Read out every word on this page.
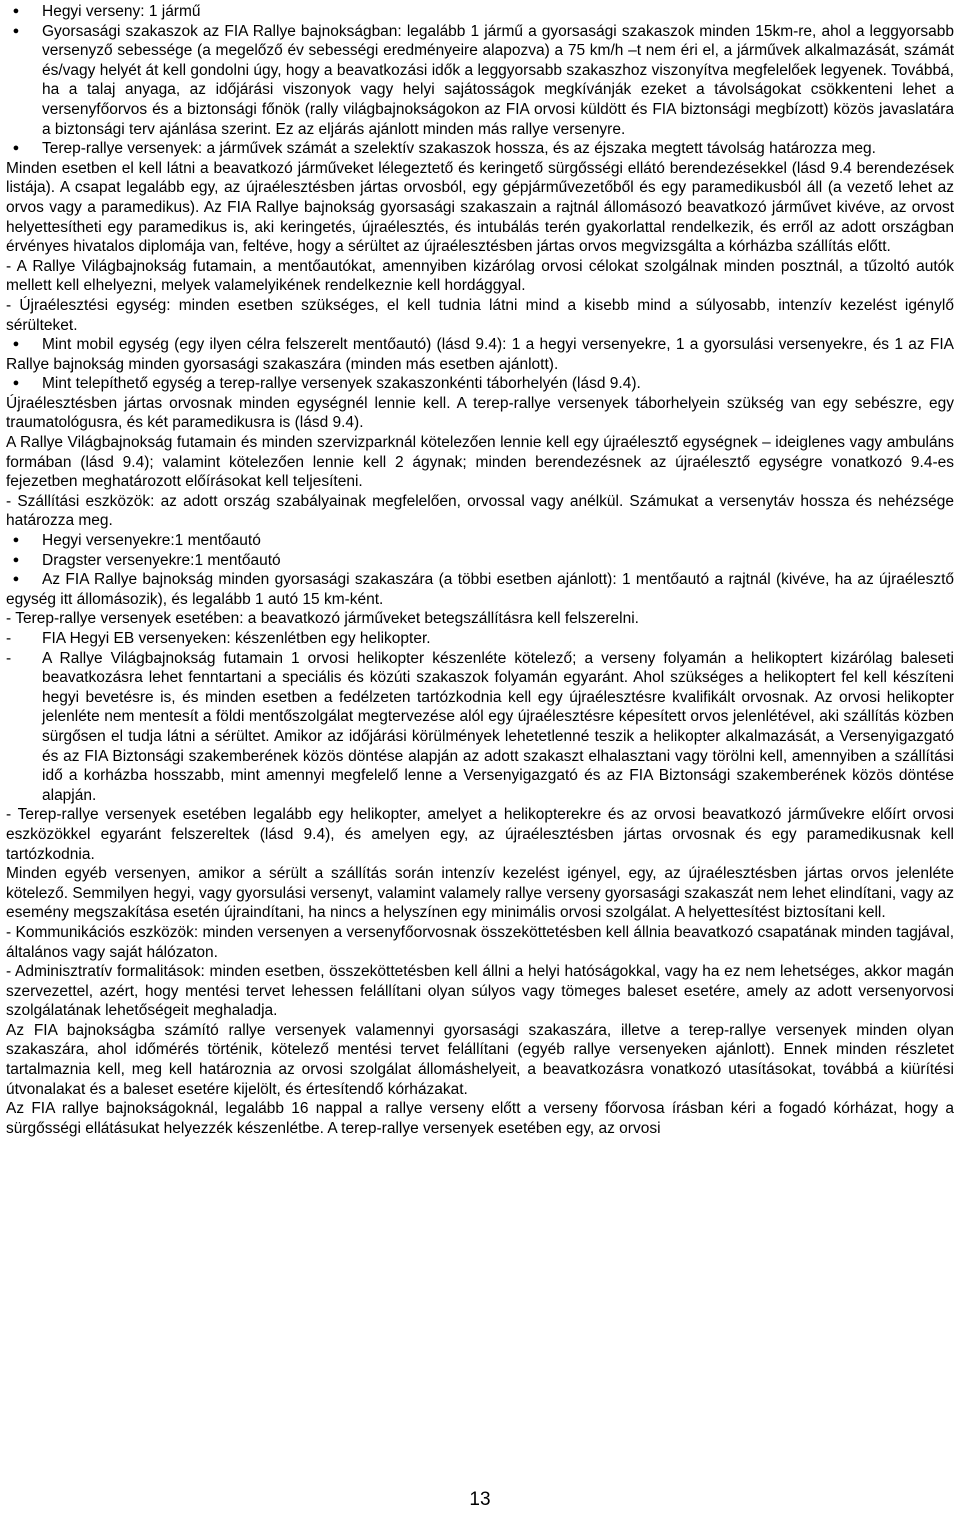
●	Hegyi verseny: 1 jármű

●	Gyorsasági szakaszok az FIA Rallye bajnokságban: legalább 1 jármű a gyorsasági szakaszok minden 15km-re, ahol a leggyorsabb versenyző sebessége (a megelőző év sebességi eredményeire alapozva) a 75 km/h –t nem éri el, a járművek alkalmazását, számát és/vagy helyét át kell gondolni úgy, hogy a beavatkozási idők a leggyorsabb szakaszhoz viszonyítva megfelelőek legyenek. Továbbá, ha a talaj anyaga, az időjárási viszonyok vagy helyi sajátosságok megkívánják ezeket a távolságokat csökkenteni lehet a versenyfőorvos és a biztonsági főnök (rally világbajnokságokon az FIA orvosi küldött és FIA biztonsági megbízott) közös javaslatára a biztonsági terv ajánlása szerint. Ez az eljárás ajánlott minden más rallye versenyre.

●	Terep-rallye versenyek: a járművek számát a szelektív szakaszok hossza, és az éjszaka megtett távolság határozza meg.

Minden esetben el kell látni a beavatkozó járműveket lélegeztető és keringető sürgősségi ellátó berendezésekkel (lásd 9.4 berendezések listája). A csapat legalább egy, az újraélesztésben jártas orvosból, egy gépjárművezetőből és egy paramedikusból áll (a vezető lehet az orvos vagy a paramedikus). Az FIA Rallye bajnokság gyorsasági szakaszain a rajtnál állomásozó beavatkozó járművet kivéve, az orvost helyettesítheti egy paramedikus is, aki keringetés, újraélesztés, és intubálás terén gyakorlattal rendelkezik, és erről az adott országban érvényes hivatalos diplomája van, feltéve, hogy a sérültet az újraélesztésben jártas orvos megvizsgálta a kórházba szállítás előtt.

- A Rallye Világbajnokság futamain, a mentőautókat, amennyiben kizárólag orvosi célokat szolgálnak minden posztnál, a tűzoltó autók mellett kell elhelyezni, melyek valamelyikének rendelkeznie kell hordággyal.

- Újraélesztési egység: minden esetben szükséges, el kell tudnia látni mind a kisebb mind a súlyosabb, intenzív kezelést igénylő sérülteket.

●	Mint mobil egység (egy ilyen célra felszerelt mentőautó) (lásd 9.4): 1 a hegyi versenyekre, 1 a gyorsulási versenyekre, és 1 az FIA Rallye bajnokság minden gyorsasági szakaszára (minden más esetben ajánlott).

●	Mint telepíthető egység a terep-rallye versenyek szakaszonkénti táborhelyén (lásd 9.4).

Újraélesztésben jártas orvosnak minden egységnél lennie kell. A terep-rallye versenyek táborhelyein szükség van egy sebészre, egy traumatológusra, és két paramedikusra is (lásd 9.4).

A Rallye Világbajnokság futamain és minden szervizparknál kötelezően lennie kell egy újraélesztő egységnek – ideiglenes vagy ambuláns formában (lásd 9.4); valamint kötelezően lennie kell 2 ágynak; minden berendezésnek az újraélesztő egységre vonatkozó 9.4-es fejezetben meghatározott előírásokat kell teljesíteni.

- Szállítási eszközök: az adott ország szabályainak megfelelően, orvossal vagy anélkül. Számukat a versenytáv hossza és nehézsége határozza meg.

●	Hegyi versenyekre:1 mentőautó

●	Dragster versenyekre:1 mentőautó

●	Az FIA Rallye bajnokság minden gyorsasági szakaszára (a többi esetben ajánlott): 1 mentőautó a rajtnál (kivéve, ha az újraélesztő egység itt állomásozik), és legalább 1 autó 15 km-ként.

- Terep-rallye versenyek esetében: a beavatkozó járműveket betegszállításra kell felszerelni.

- FIA Hegyi EB versenyeken: készenlétben egy helikopter.

- A Rallye Világbajnokság futamain 1 orvosi helikopter készenléte kötelező; a verseny folyamán a helikoptert kizárólag baleseti beavatkozásra lehet fenntartani a speciális és közúti szakaszok folyamán egyaránt. Ahol szükséges a helikoptert fel kell készíteni hegyi bevetésre is, és minden esetben a fedélzeten tartózkodnia kell egy újraélesztésre kvalifikált orvosnak. Az orvosi helikopter jelenléte nem mentesít a földi mentőszolgálat megtervezése alól egy újraélesztésre képesített orvos jelenlétével, aki szállítás közben sürgősen el tudja látni a sérültet. Amikor az időjárási körülmények lehetetlenné teszik a helikopter alkalmazását, a Versenyigazgató és az FIA Biztonsági szakemberének közös döntése alapján az adott szakaszt elhalasztani vagy törölni kell, amennyiben a szállítási idő a korházba hosszabb, mint amennyi megfelelő lenne a Versenyigazgató és az FIA Biztonsági szakemberének közös döntése alapján.

- Terep-rallye versenyek esetében legalább egy helikopter, amelyet a helikopterekre és az orvosi beavatkozó járművekre előírt orvosi eszközökkel egyaránt felszereltek (lásd 9.4), és amelyen egy, az újraélesztésben jártas orvosnak és egy paramedikusnak kell tartózkodnia.

Minden egyéb versenyen, amikor a sérült a szállítás során intenzív kezelést igényel, egy, az újraélesztésben jártas orvos jelenléte kötelező. Semmilyen hegyi, vagy gyorsulási versenyt, valamint valamely rallye verseny gyorsasági szakaszát nem lehet elindítani, vagy az esemény megszakítása esetén újraindítani, ha nincs a helyszínen egy minimális orvosi szolgálat. A helyettesítést biztosítani kell.

- Kommunikációs eszközök: minden versenyen a versenyfőorvosnak összeköttetésben kell állnia beavatkozó csapatának minden tagjával, általános vagy saját hálózaton.

- Adminisztratív formalitások: minden esetben, összeköttetésben kell állni a helyi hatóságokkal, vagy ha ez nem lehetséges, akkor magán szervezettel, azért, hogy mentési tervet lehessen felállítani olyan súlyos vagy tömeges baleset esetére, amely az adott versenyorvosi szolgálatának lehetőségeit meghaladja.

Az FIA bajnokságba számító rallye versenyek valamennyi gyorsasági szakaszára, illetve a terep-rallye versenyek minden olyan szakaszára, ahol időmérés történik, kötelező mentési tervet felállítani (egyéb rallye versenyeken ajánlott). Ennek minden részletet tartalmaznia kell, meg kell határoznia az orvosi szolgálat állomáshelyeit, a beavatkozásra vonatkozó utasításokat, továbbá a kiürítési útvonalakat és a baleset esetére kijelölt, és értesítendő kórházakat.

Az FIA rallye bajnokságoknál, legalább 16 nappal a rallye verseny előtt a verseny főorvosa írásban kéri a fogadó kórházat, hogy a sürgősségi ellátásukat helyezzék készenlétbe. A terep-rallye versenyek esetében egy, az orvosi

13
